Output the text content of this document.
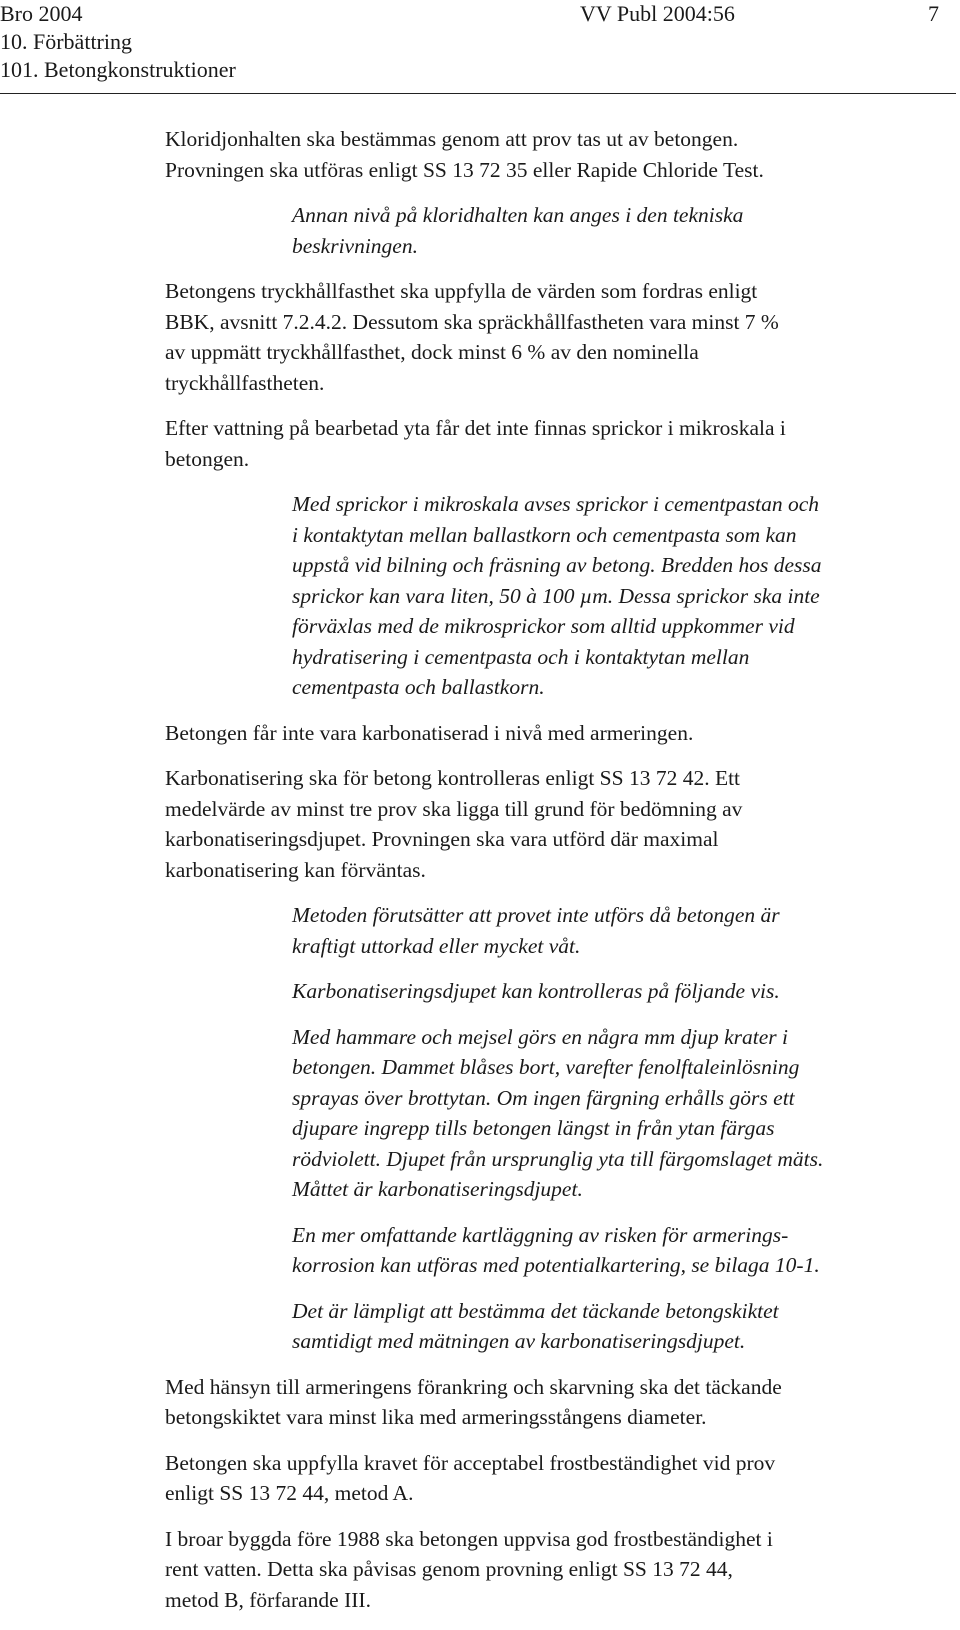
Bro 2004
10. Förbättring
101. Betongkonstruktioner
VV Publ 2004:56	7

Kloridjonhalten ska bestämmas genom att prov tas ut av betongen.
Provningen ska utföras enligt SS 13 72 35 eller Rapide Chloride Test.

Annan nivå på kloridhalten kan anges i den tekniska
beskrivningen.

Betongens tryckhållfasthet ska uppfylla de värden som fordras enligt
BBK, avsnitt 7.2.4.2. Dessutom ska spräckhållfastheten vara minst 7 %
av uppmätt tryckhållfasthet, dock minst 6 % av den nominella
tryckhållfastheten.

Efter vattning på bearbetad yta får det inte finnas sprickor i mikroskala i
betongen.

Med sprickor i mikroskala avses sprickor i cementpastan och
i kontaktytan mellan ballastkorn och cementpasta som kan
uppstå vid bilning och fräsning av betong. Bredden hos dessa
sprickor kan vara liten, 50 à 100 µm. Dessa sprickor ska inte
förväxlas med de mikrosprickor som alltid uppkommer vid
hydratisering i cementpasta och i kontaktytan mellan
cementpasta och ballastkorn.

Betongen får inte vara karbonatiserad i nivå med armeringen.

Karbonatisering ska för betong kontrolleras enligt SS 13 72 42. Ett
medelvärde av minst tre prov ska ligga till grund för bedömning av
karbonatiseringsdjupet. Provningen ska vara utförd där maximal
karbonatisering kan förväntas.

Metoden förutsätter att provet inte utförs då betongen är
kraftigt uttorkad eller mycket våt.

Karbonatiseringsdjupet kan kontrolleras på följande vis.

Med hammare och mejsel görs en några mm djup krater i
betongen. Dammet blåses bort, varefter fenolftaleinlösning
sprayas över brottytan. Om ingen färgning erhålls görs ett
djupare ingrepp tills betongen längst in från ytan färgas
rödviolett. Djupet från ursprunglig yta till färgomslaget mäts.
Måttet är karbonatiseringsdjupet.

En mer omfattande kartläggning av risken för armerings-
korrosion kan utföras med potentialkartering, se bilaga 10-1.

Det är lämpligt att bestämma det täckande betongskiktet
samtidigt med mätningen av karbonatiseringsdjupet.

Med hänsyn till armeringens förankring och skarvning ska det täckande
betongskiktet vara minst lika med armeringsstångens diameter.

Betongen ska uppfylla kravet för acceptabel frostbeständighet vid prov
enligt SS 13 72 44, metod A.

I broar byggda före 1988 ska betongen uppvisa god frostbeständighet i
rent vatten. Detta ska påvisas genom provning enligt SS 13 72 44,
metod B, förfarande III.
